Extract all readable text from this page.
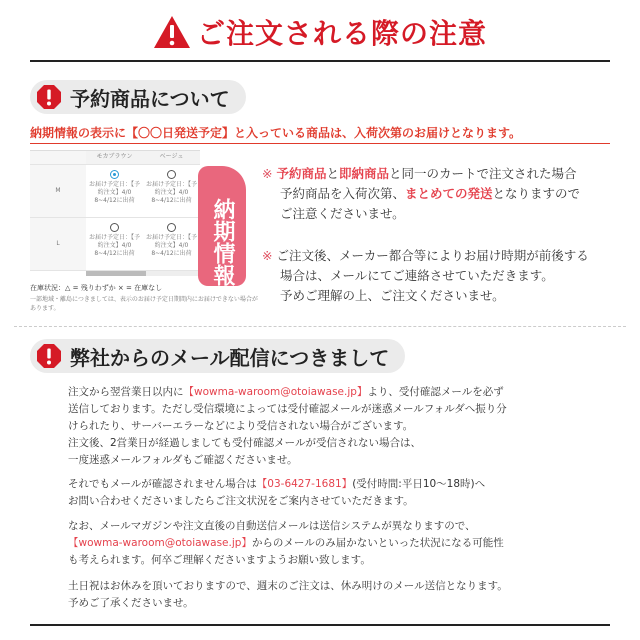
ご注文される際の注意
予約商品について
納期情報の表示に【〇〇日発送予定】と入っている商品は、入荷次第のお届けとなります。
モカブラウン	ベージュ
M
お届け予定日：【予約注文】4/0 8~4/12に出荷
お届け予定日：【予約注文】4/0 8~4/12に出荷
L
お届け予定日：【予約注文】4/0 8~4/12に出荷
お届け予定日：【予約注文】4/0 8~4/12に出荷 納期情報
在庫状況：△ = 残りわずか × = 在庫なし
一部地域・離島につきましては、表示のお届け予定日期間内にお届けできない場合があります。
※ 予約商品と即納商品と同一のカートで注文された場合
予約商品を入荷次第、まとめての発送となりますので
ご注意くださいませ。
※ ご注文後、メーカー都合等によりお届け時期が前後する
場合は、メールにてご連絡させていただきます。
予めご理解の上、ご注文くださいませ。
弊社からのメール配信につきまして

注文から翌営業日以内に【wowma-waroom@otoiawase.jp】より、受付確認メールを必ず

送信しております。ただし受信環境によっては受付確認メールが迷惑メールフォルダへ振り分

けられたり、サーバーエラーなどにより受信されない場合がございます。

注文後、2営業日が経過しましても受付確認メールが受信されない場合は、

一度迷惑メールフォルダもご確認くださいませ。

それでもメールが確認されません場合は【03-6427-1681】(受付時間:平日10～18時)へ

お問い合わせくださいましたらご注文状況をご案内させていただきます。

なお、メールマガジンや注文直後の自動送信メールは送信システムが異なりますので、

【wowma-waroom@otoiawase.jp】からのメールのみ届かないといった状況になる可能性

も考えられます。何卒ご理解くださいますようお願い致します。

土日祝はお休みを頂いておりますので、週末のご注文は、休み明けのメール送信となります。

予めご了承くださいませ。
